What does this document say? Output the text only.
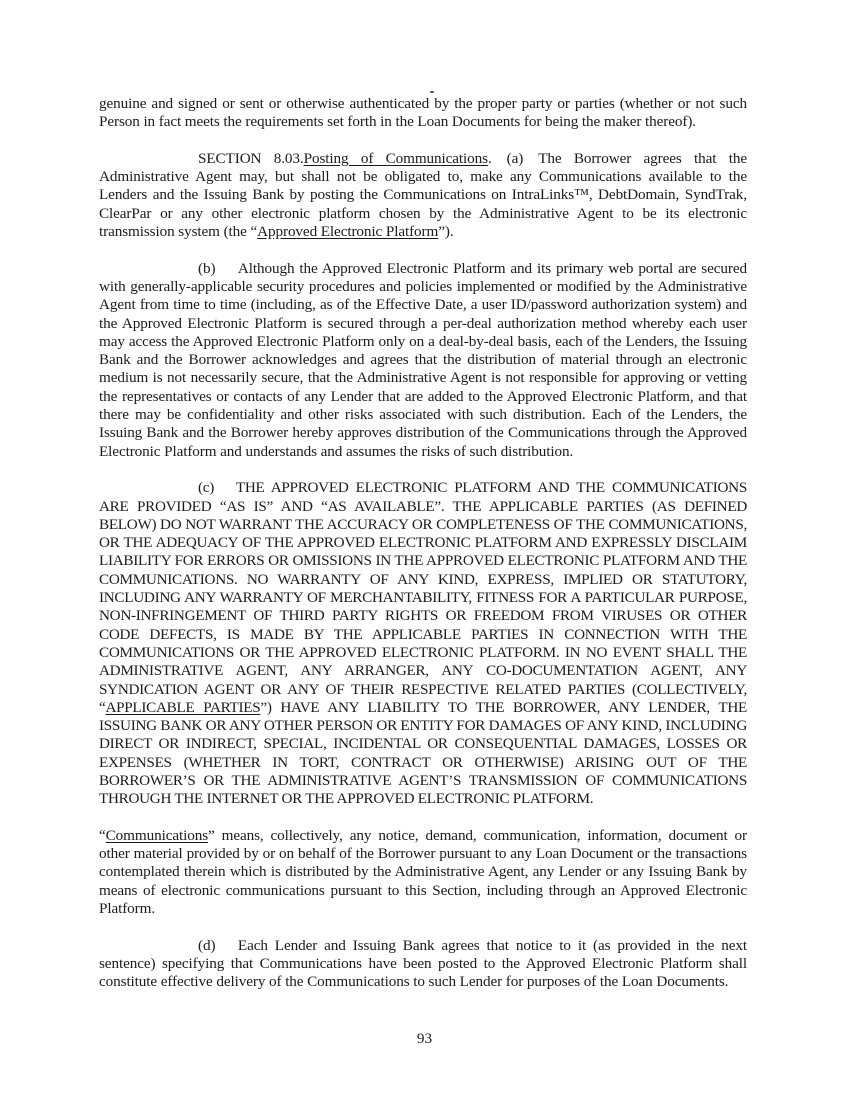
genuine and signed or sent or otherwise authenticated by the proper party or parties (whether or not such Person in fact meets the requirements set forth in the Loan Documents for being the maker thereof).

SECTION 8.03.Posting of Communications.  (a)  The Borrower agrees that the Administrative Agent may, but shall not be obligated to, make any Communications available to the Lenders and the Issuing Bank by posting the Communications on IntraLinks™, DebtDomain, SyndTrak, ClearPar or any other electronic platform chosen by the Administrative Agent to be its electronic transmission system (the “Approved Electronic Platform”).

(b)   Although the Approved Electronic Platform and its primary web portal are secured with generally-applicable security procedures and policies implemented or modified by the Administrative Agent from time to time (including, as of the Effective Date, a user ID/password authorization system) and the Approved Electronic Platform is secured through a per-deal authorization method whereby each user may access the Approved Electronic Platform only on a deal-by-deal basis, each of the Lenders, the Issuing Bank and the Borrower acknowledges and agrees that the distribution of material through an electronic medium is not necessarily secure, that the Administrative Agent is not responsible for approving or vetting the representatives or contacts of any Lender that are added to the Approved Electronic Platform, and that there may be confidentiality and other risks associated with such distribution. Each of the Lenders, the Issuing Bank and the Borrower hereby approves distribution of the Communications through the Approved Electronic Platform and understands and assumes the risks of such distribution.

(c)   THE APPROVED ELECTRONIC PLATFORM AND THE COMMUNICATIONS ARE PROVIDED “AS IS” AND “AS AVAILABLE”. THE APPLICABLE PARTIES (AS DEFINED BELOW) DO NOT WARRANT THE ACCURACY OR COMPLETENESS OF THE COMMUNICATIONS, OR THE ADEQUACY OF THE APPROVED ELECTRONIC PLATFORM AND EXPRESSLY DISCLAIM LIABILITY FOR ERRORS OR OMISSIONS IN THE APPROVED ELECTRONIC PLATFORM AND THE COMMUNICATIONS. NO WARRANTY OF ANY KIND, EXPRESS, IMPLIED OR STATUTORY, INCLUDING ANY WARRANTY OF MERCHANTABILITY, FITNESS FOR A PARTICULAR PURPOSE, NON-INFRINGEMENT OF THIRD PARTY RIGHTS OR FREEDOM FROM VIRUSES OR OTHER CODE DEFECTS, IS MADE BY THE APPLICABLE PARTIES IN CONNECTION WITH THE COMMUNICATIONS OR THE APPROVED ELECTRONIC PLATFORM. IN NO EVENT SHALL THE ADMINISTRATIVE AGENT, ANY ARRANGER, ANY CO-DOCUMENTATION AGENT, ANY SYNDICATION AGENT OR ANY OF THEIR RESPECTIVE RELATED PARTIES (COLLECTIVELY, “APPLICABLE PARTIES”) HAVE ANY LIABILITY TO THE BORROWER, ANY LENDER, THE ISSUING BANK OR ANY OTHER PERSON OR ENTITY FOR DAMAGES OF ANY KIND, INCLUDING DIRECT OR INDIRECT, SPECIAL, INCIDENTAL OR CONSEQUENTIAL DAMAGES, LOSSES OR EXPENSES (WHETHER IN TORT, CONTRACT OR OTHERWISE) ARISING OUT OF THE BORROWER’S OR THE ADMINISTRATIVE AGENT’S TRANSMISSION OF COMMUNICATIONS THROUGH THE INTERNET OR THE APPROVED ELECTRONIC PLATFORM.

“Communications” means, collectively, any notice, demand, communication, information, document or other material provided by or on behalf of the Borrower pursuant to any Loan Document or the transactions contemplated therein which is distributed by the Administrative Agent, any Lender or any Issuing Bank by means of electronic communications pursuant to this Section, including through an Approved Electronic Platform.

(d)   Each Lender and Issuing Bank agrees that notice to it (as provided in the next sentence) specifying that Communications have been posted to the Approved Electronic Platform shall constitute effective delivery of the Communications to such Lender for purposes of the Loan Documents.

93
